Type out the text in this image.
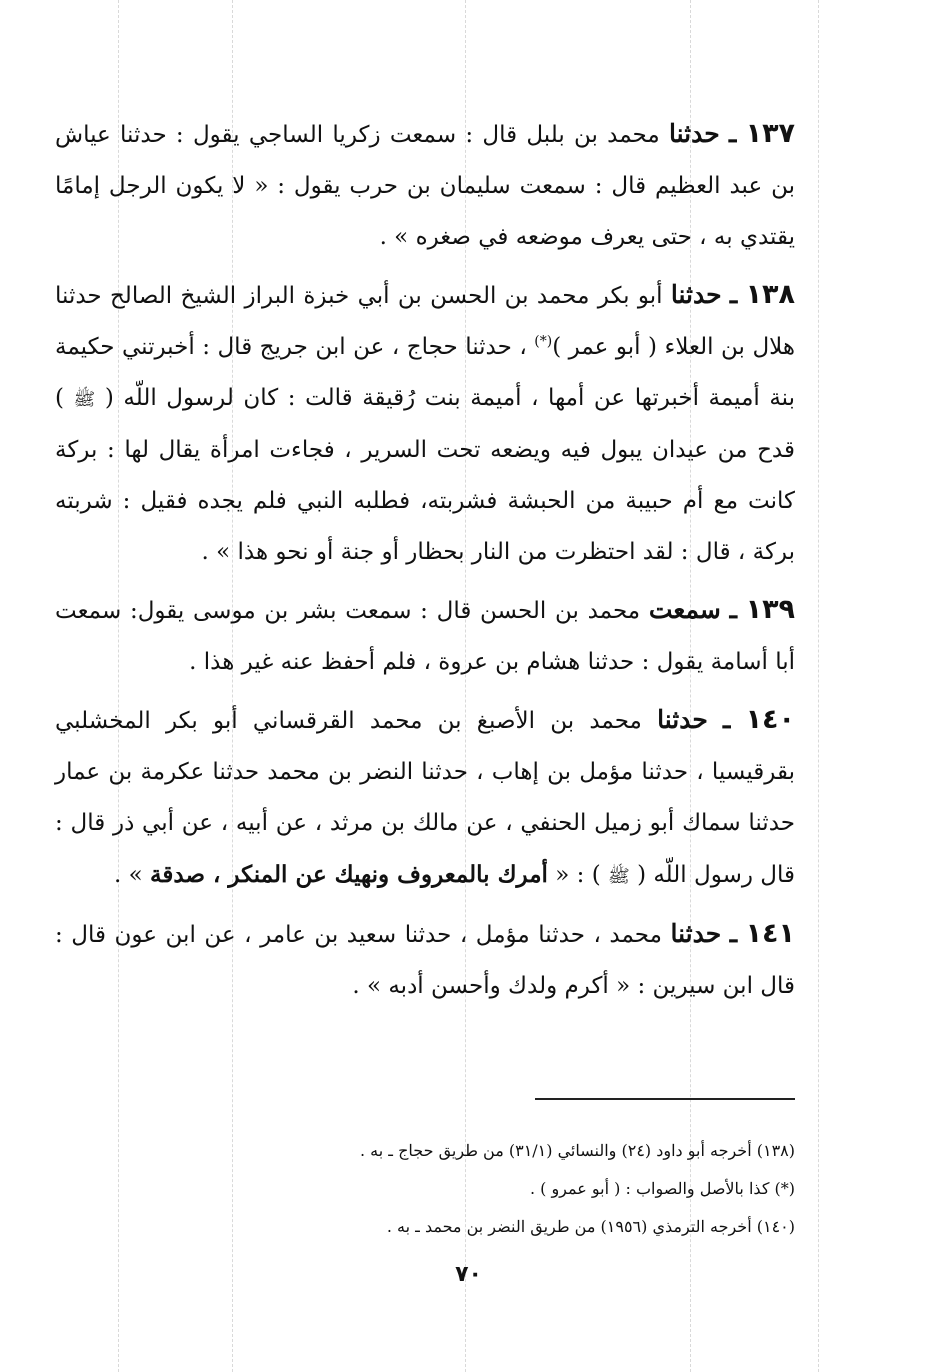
١٣٧ ـ حدثنا محمد بن بلبل قال : سمعت زكريا الساجي يقول : حدثنا عياش بن عبد العظيم قال : سمعت سليمان بن حرب يقول : « لا يكون الرجل إمامًا يقتدي به ، حتى يعرف موضعه في صغره » .

١٣٨ ـ حدثنا أبو بكر محمد بن الحسن بن أبي خبزة البراز الشيخ الصالح حدثنا هلال بن العلاء ( أبو عمر )(*) ، حدثنا حجاج ، عن ابن جريج قال : أخبرتني حكيمة بنة أميمة أخبرتها عن أمها ، أميمة بنت رُقيقة قالت : كان لرسول اللّه ( ﷺ ) قدح من عيدان يبول فيه ويضعه تحت السرير ، فجاءت امرأة يقال لها : بركة كانت مع أم حبيبة من الحبشة فشربته، فطلبه النبي فلم يجده فقيل : شربته بركة ، قال : لقد احتظرت من النار بحظار أو جنة أو نحو هذا » .

١٣٩ ـ سمعت محمد بن الحسن قال : سمعت بشر بن موسى يقول: سمعت أبا أسامة يقول : حدثنا هشام بن عروة ، فلم أحفظ عنه غير هذا .

١٤٠ ـ حدثنا محمد بن الأصبغ بن محمد القرقساني أبو بكر المخشلبي بقرقيسيا ، حدثنا مؤمل بن إهاب ، حدثنا النضر بن محمد حدثنا عكرمة بن عمار حدثنا سماك أبو زميل الحنفي ، عن مالك بن مرثد ، عن أبيه ، عن أبي ذر قال : قال رسول اللّه ( ﷺ ) : « أمرك بالمعروف ونهيك عن المنكر ، صدقة » .

١٤١ ـ حدثنا محمد ، حدثنا مؤمل ، حدثنا سعيد بن عامر ، عن ابن عون قال : قال ابن سيرين : « أكرم ولدك وأحسن أدبه » .

(١٣٨) أخرجه أبو داود (٢٤) والنسائي (٣١/١) من طريق حجاج ـ به .

(*) كذا بالأصل والصواب : ( أبو عمرو ) .

(١٤٠) أخرجه الترمذي (١٩٥٦) من طريق النضر بن محمد ـ به .

٧٠
